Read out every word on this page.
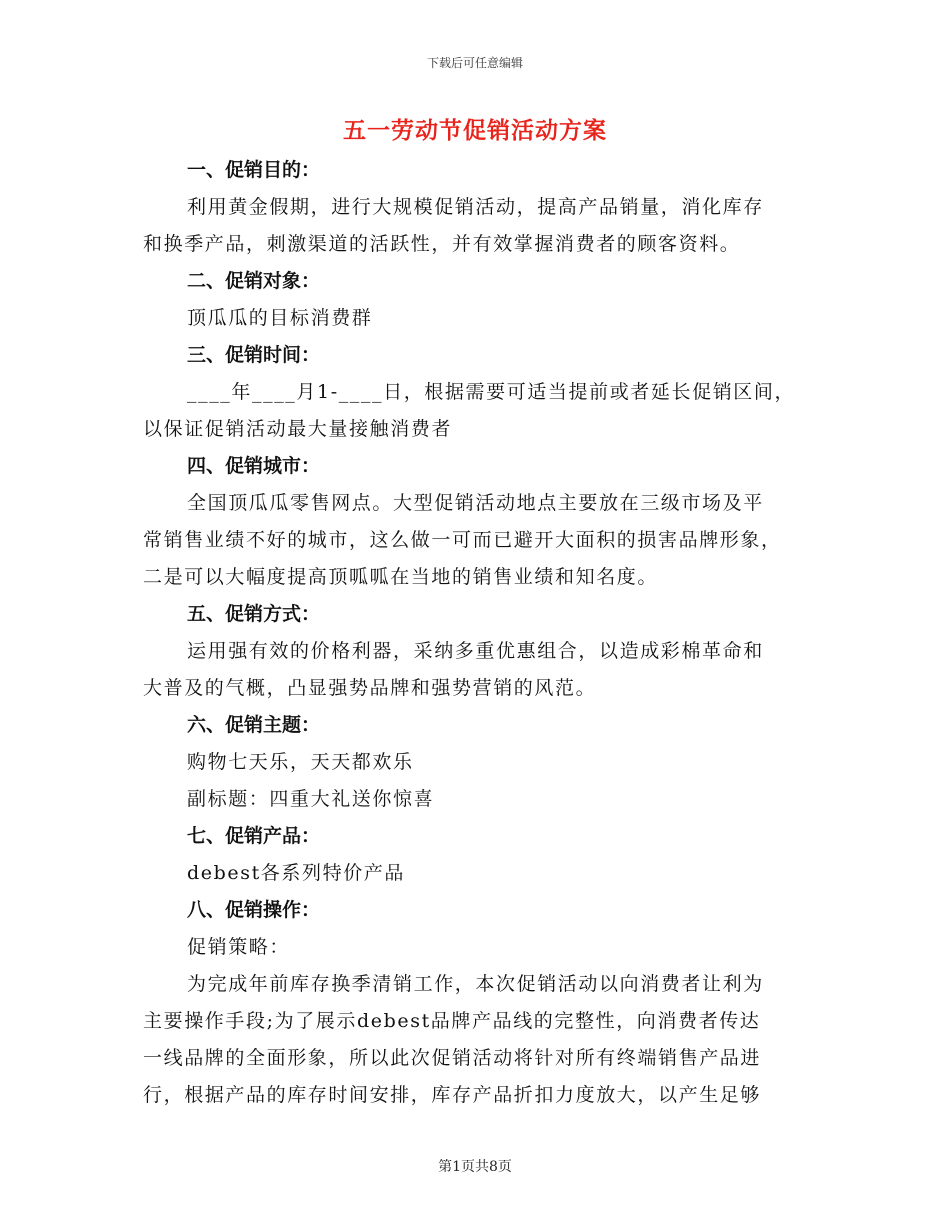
下载后可任意编辑
五一劳动节促销活动方案
一、促销目的：
利用黄金假期，进行大规模促销活动，提高产品销量，消化库存
和换季产品，刺激渠道的活跃性，并有效掌握消费者的顾客资料。
二、促销对象：
顶瓜瓜的目标消费群
三、促销时间：
____年____月1-____日，根据需要可适当提前或者延长促销区间，
以保证促销活动最大量接触消费者
四、促销城市：
全国顶瓜瓜零售网点。大型促销活动地点主要放在三级市场及平
常销售业绩不好的城市，这么做一可而已避开大面积的损害品牌形象，
二是可以大幅度提高顶呱呱在当地的销售业绩和知名度。
五、促销方式：
运用强有效的价格利器，采纳多重优惠组合，以造成彩棉革命和
大普及的气概，凸显强势品牌和强势营销的风范。
六、促销主题：
购物七天乐，天天都欢乐
副标题：四重大礼送你惊喜
七、促销产品：
debest各系列特价产品
八、促销操作：
促销策略：
为完成年前库存换季清销工作，本次促销活动以向消费者让利为
主要操作手段;为了展示debest品牌产品线的完整性，向消费者传达
一线品牌的全面形象，所以此次促销活动将针对所有终端销售产品进
行，根据产品的库存时间安排，库存产品折扣力度放大，以产生足够
第1页共8页
